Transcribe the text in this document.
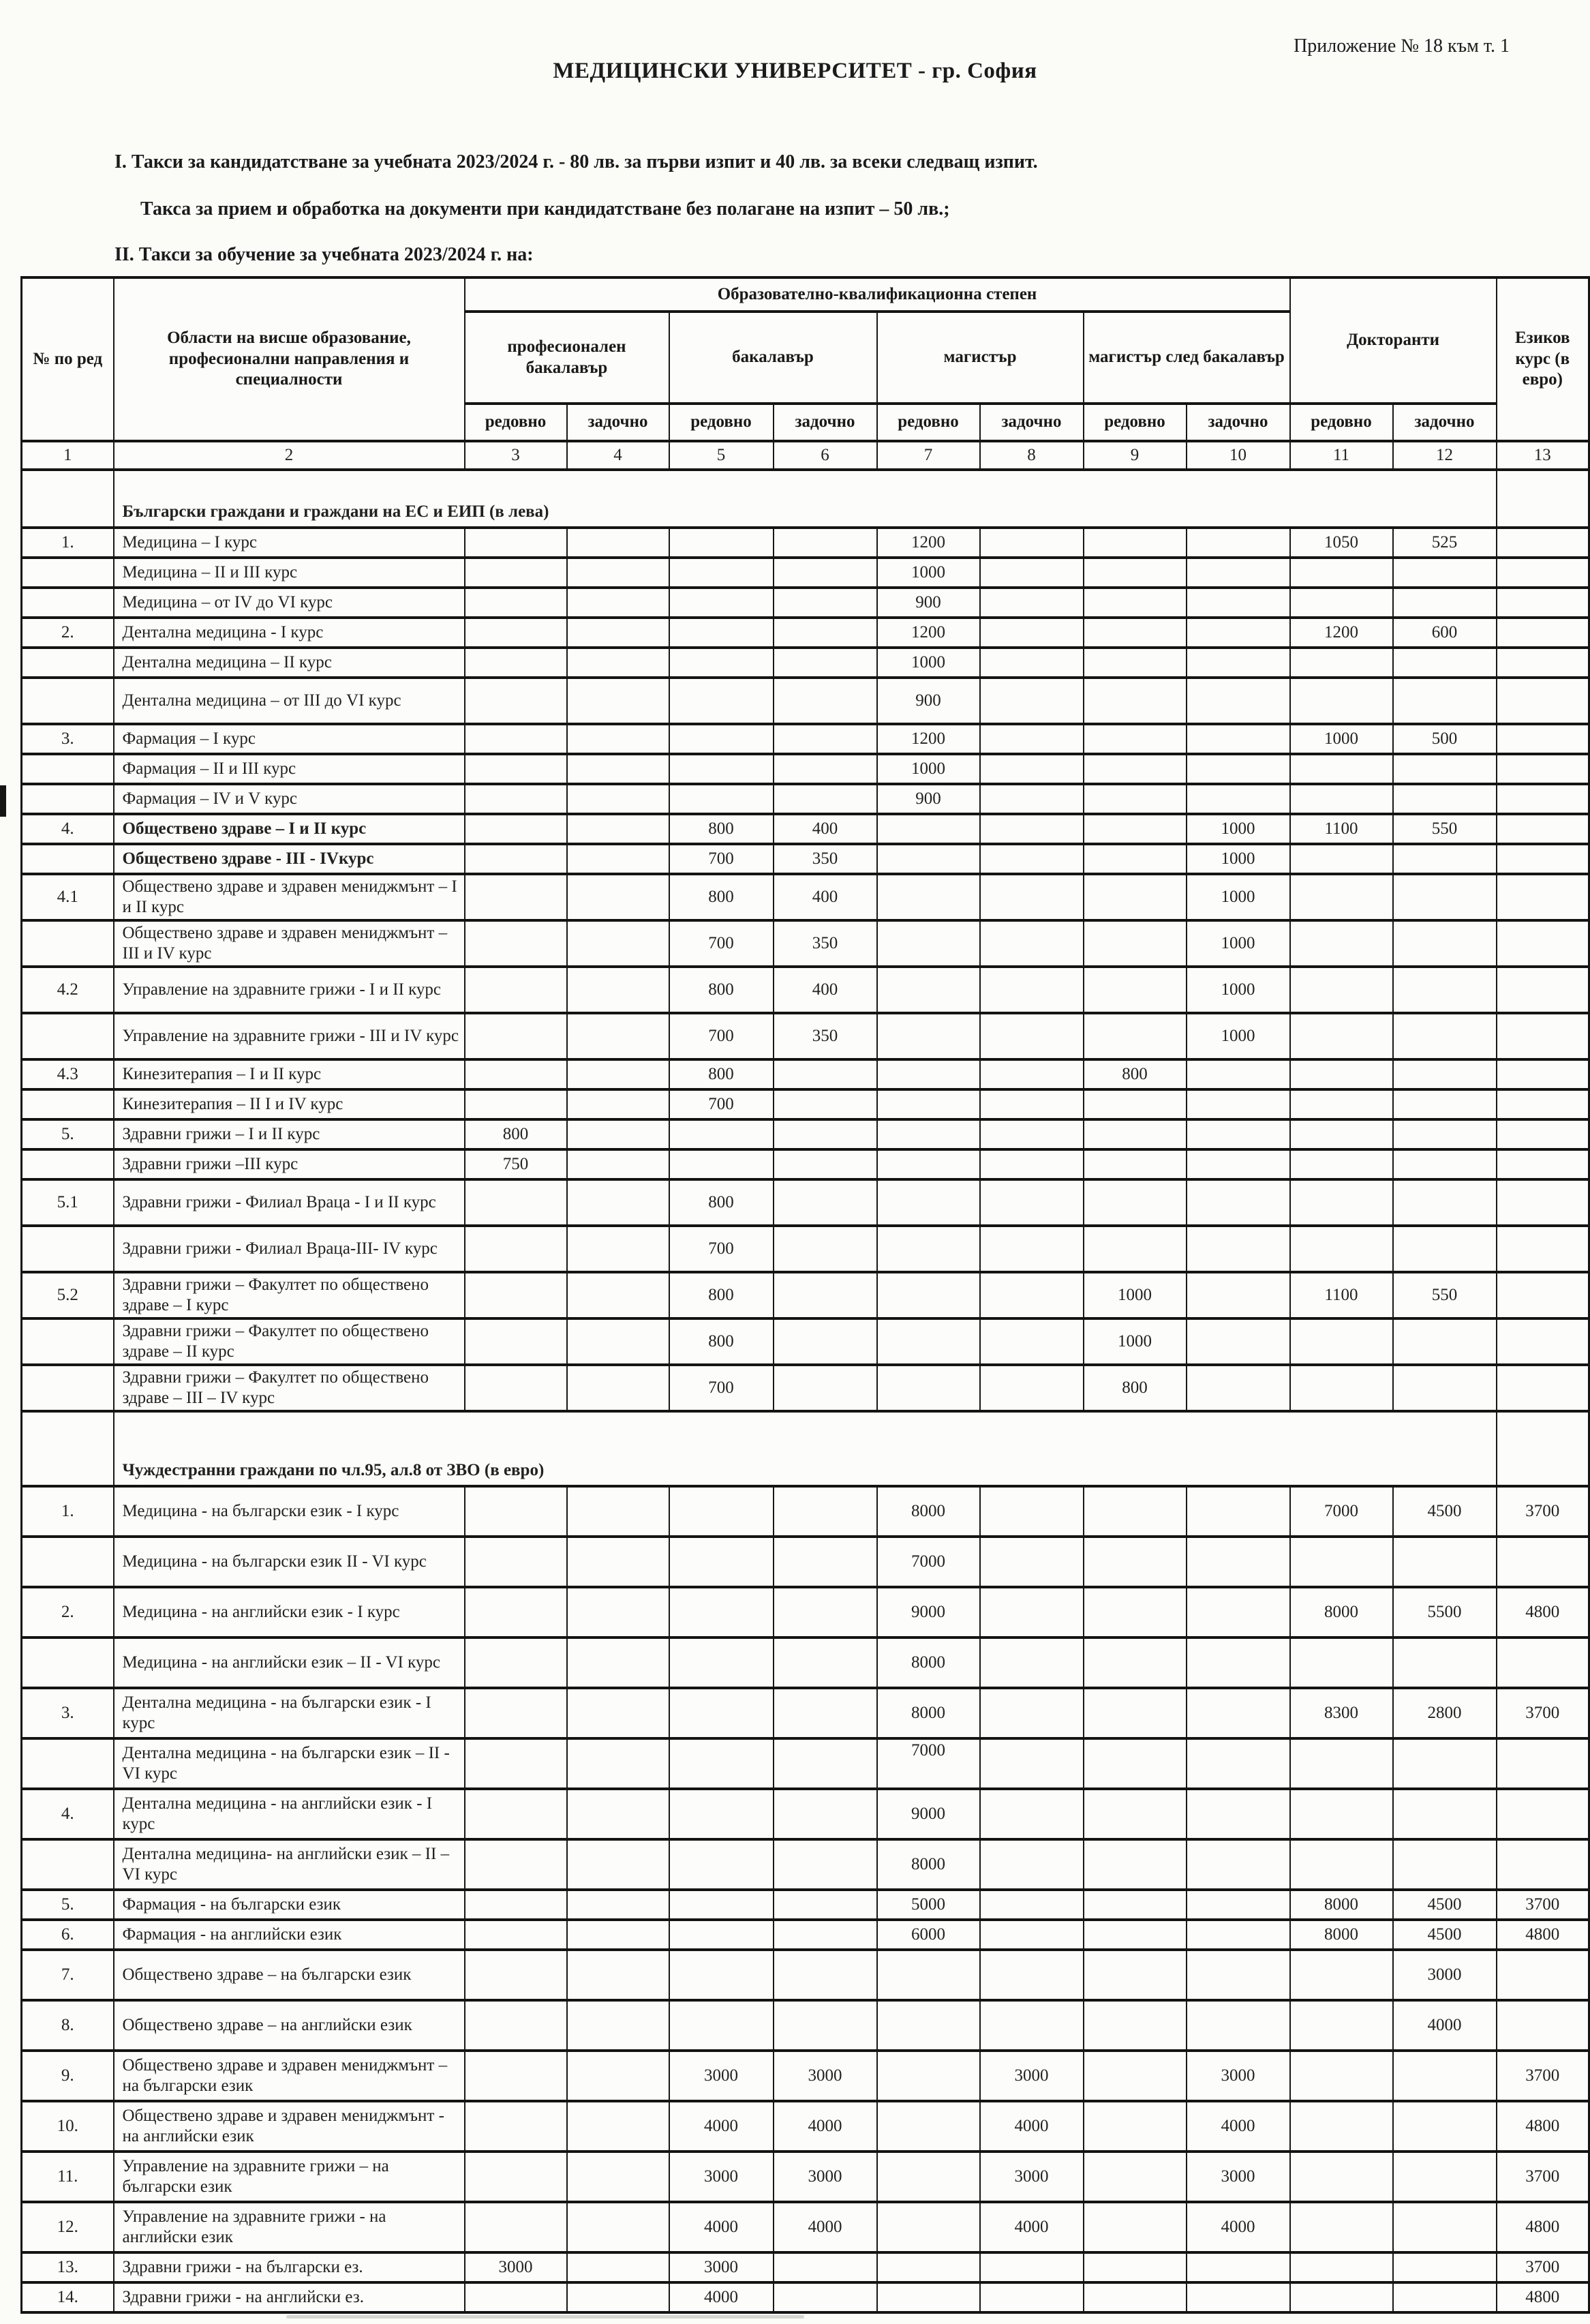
Приложение № 18 към т. 1
МЕДИЦИНСКИ УНИВЕРСИТЕТ - гр. София
I. Такси за кандидатстване за учебната 2023/2024 г. - 80 лв. за първи изпит и 40 лв. за всеки следващ изпит.
Такса за прием и обработка на документи при кандидатстване без полагане на изпит – 50 лв.;
II. Такси за обучение за учебната 2023/2024 г. на:
№ по ред	Области на висше образование, професионални направления и специалности	Образователно-квалификационна степен								Докторанти		Езиков курс (в евро)
		професионален бакалавър		бакалавър		магистър		магистър след бакалавър				
		редовно	задочно	редовно	задочно	редовно	задочно	редовно	задочно	редовно	задочно	
1	2	3	4	5	6	7	8	9	10	11	12	13
	Български граждани и граждани на ЕС и ЕИП (в лева)											
1.	Медицина – I курс					1200				1050	525	
	Медицина – II и III курс					1000						
	Медицина – от IV до VI курс					900						
2.	Дентална медицина - I курс					1200				1200	600	
	Дентална медицина – II курс					1000						
	Дентална медицина – от III до VI курс					900						
3.	Фармация – I курс					1200				1000	500	
	Фармация – II и III курс					1000						
	Фармация – IV и V курс					900						
4.	Обществено здраве – I и II курс			800	400				1000	1100	550	
	Обществено здраве - III - IVкурс			700	350				1000			
4.1	Обществено здраве и здравен мениджмънт – I и II курс			800	400				1000			
	Обществено здраве и здравен мениджмънт – III и IV курс			700	350				1000			
4.2	Управление на здравните грижи - I и II курс			800	400				1000			
	Управление на здравните грижи - III и IV курс			700	350				1000			
4.3	Кинезитерапия – I и II курс			800				800				
	Кинезитерапия – II I и IV курс			700								
5.	Здравни грижи – I и II курс	800										
	Здравни грижи –III курс	750										
5.1	Здравни грижи - Филиал Враца - I и II курс			800								
	Здравни грижи - Филиал Враца-III- IV курс			700								
5.2	Здравни грижи – Факултет по обществено здраве – I курс			800				1000		1100	550	
	Здравни грижи – Факултет по обществено здраве – II курс			800				1000				
	Здравни грижи – Факултет по обществено здраве – III – IV курс			700				800				
	Чуждестранни граждани по чл.95, ал.8 от ЗВО (в евро)											
1.	Медицина - на български език - I курс					8000				7000	4500	3700
	Медицина - на български език II - VI курс					7000						
2.	Медицина - на английски език - I курс					9000				8000	5500	4800
	Медицина - на английски език – II - VI курс					8000						
3.	Дентална медицина - на български език - I курс					8000				8300	2800	3700
	Дентална медицина - на български език – II - VI курс					7000						
4.	Дентална медицина - на английски език - I курс					9000						
	Дентална медицина- на английски език – II – VI курс					8000						
5.	Фармация - на български език					5000				8000	4500	3700
6.	Фармация - на английски език					6000				8000	4500	4800
7.	Обществено здраве – на български език										3000	
8.	Обществено здраве – на английски език										4000	
9.	Обществено здраве и здравен мениджмънт – на български език			3000	3000		3000		3000			3700
10.	Обществено здраве и здравен мениджмънт - на английски език			4000	4000		4000		4000			4800
11.	Управление на здравните грижи – на български език			3000	3000		3000		3000			3700
12.	Управление на здравните грижи - на английски език			4000	4000		4000		4000			4800
13.	Здравни грижи - на български ез.	3000		3000								3700
14.	Здравни грижи - на английски ез.			4000								4800
